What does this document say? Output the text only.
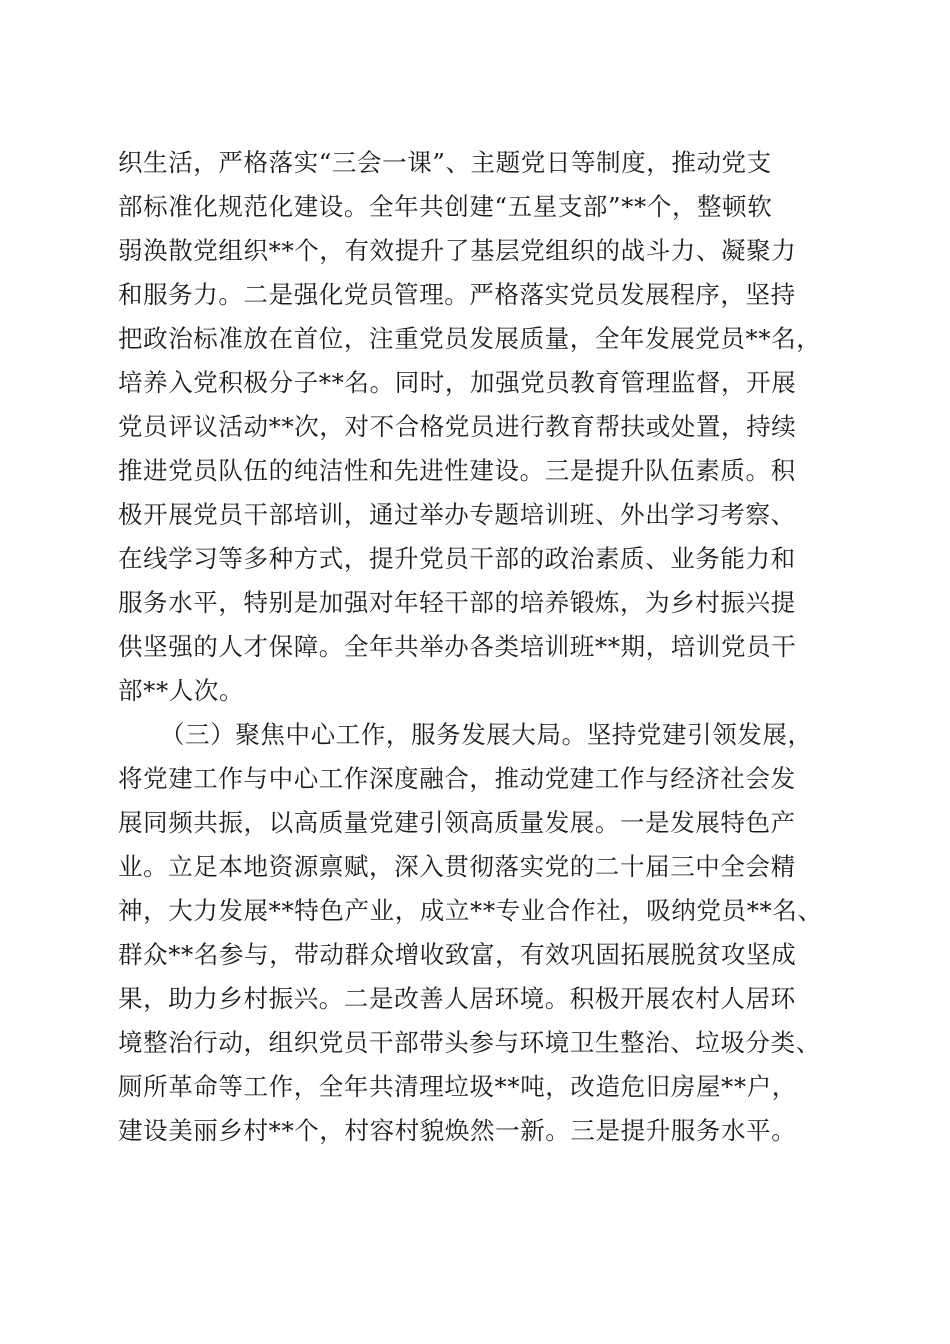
织生活，严格落实“三会一课”、主题党日等制度，推动党支
部标准化规范化建设。全年共创建“五星支部”**个，整顿软
弱涣散党组织**个，有效提升了基层党组织的战斗力、凝聚力
和服务力。二是强化党员管理。严格落实党员发展程序，坚持
把政治标准放在首位，注重党员发展质量，全年发展党员**名，
培养入党积极分子**名。同时，加强党员教育管理监督，开展
党员评议活动**次，对不合格党员进行教育帮扶或处置，持续
推进党员队伍的纯洁性和先进性建设。三是提升队伍素质。积
极开展党员干部培训，通过举办专题培训班、外出学习考察、
在线学习等多种方式，提升党员干部的政治素质、业务能力和
服务水平，特别是加强对年轻干部的培养锻炼，为乡村振兴提
供坚强的人才保障。全年共举办各类培训班**期，培训党员干
部**人次。
（三）聚焦中心工作，服务发展大局。坚持党建引领发展，
将党建工作与中心工作深度融合，推动党建工作与经济社会发
展同频共振，以高质量党建引领高质量发展。一是发展特色产
业。立足本地资源禀赋，深入贯彻落实党的二十届三中全会精
神，大力发展**特色产业，成立**专业合作社，吸纳党员**名、
群众**名参与，带动群众增收致富，有效巩固拓展脱贫攻坚成
果，助力乡村振兴。二是改善人居环境。积极开展农村人居环
境整治行动，组织党员干部带头参与环境卫生整治、垃圾分类、
厕所革命等工作，全年共清理垃圾**吨，改造危旧房屋**户，
建设美丽乡村**个，村容村貌焕然一新。三是提升服务水平。
